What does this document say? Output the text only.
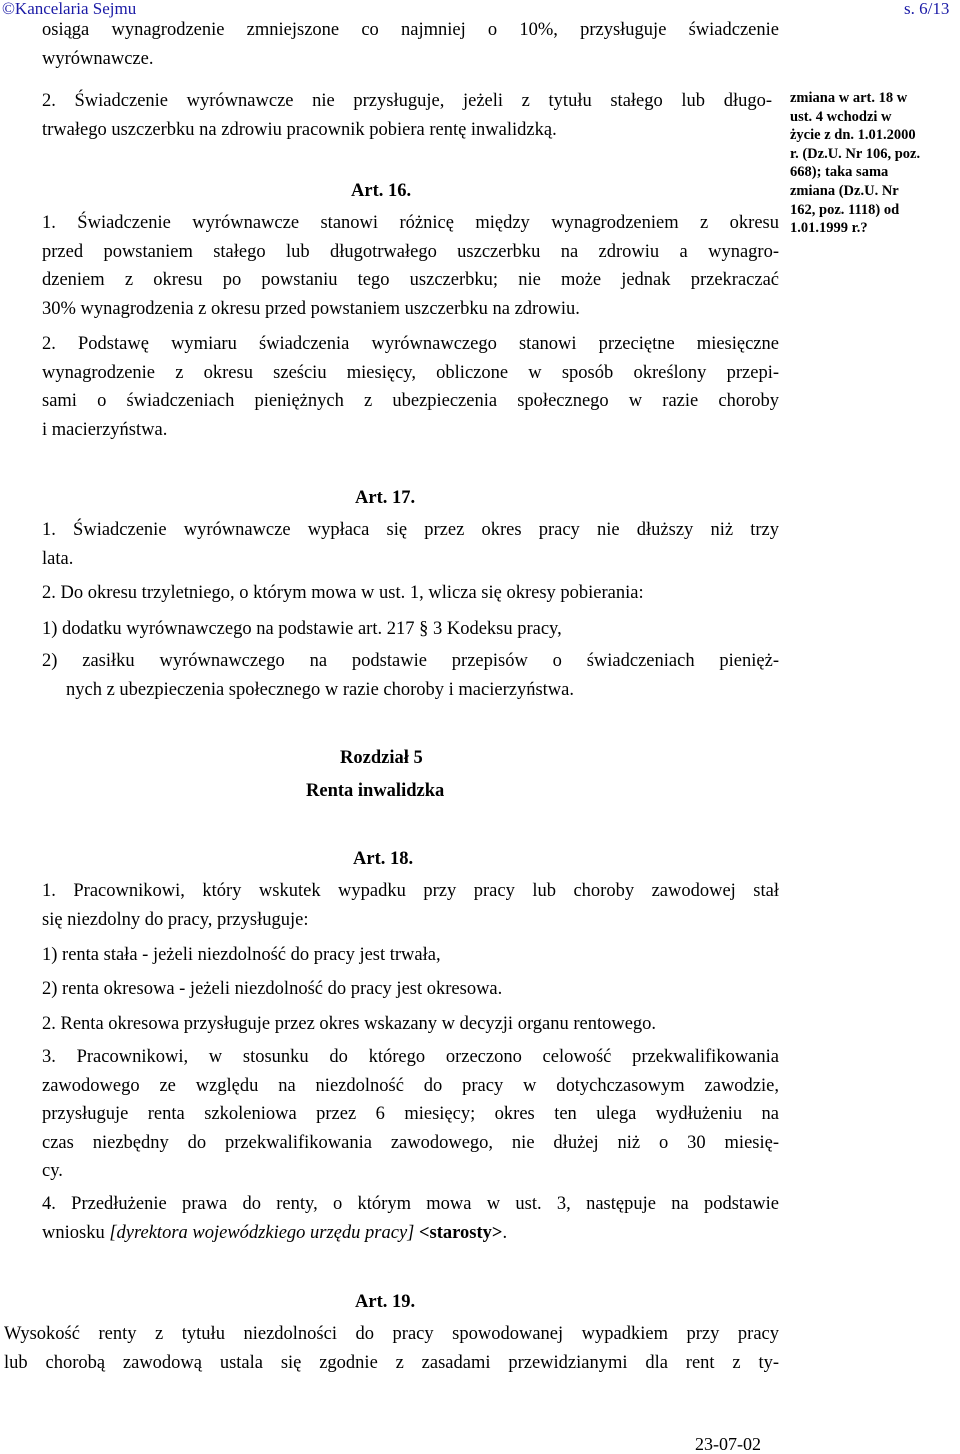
©Kancelaria Sejmu	s. 6/13
osiąga wynagrodzenie zmniejszone co najmniej o 10%, przysługuje świadczenie
wyrównawcze.
2. Świadczenie wyrównawcze nie przysługuje, jeżeli z tytułu stałego lub długo-
trwałego uszczerbku na zdrowiu pracownik pobiera rentę inwalidzką.
Art. 16.
1. Świadczenie wyrównawcze stanowi różnicę między wynagrodzeniem z okresu
przed powstaniem stałego lub długotrwałego uszczerbku na zdrowiu a wynagro-
dzeniem z okresu po powstaniu tego uszczerbku; nie może jednak przekraczać
30% wynagrodzenia z okresu przed powstaniem uszczerbku na zdrowiu.
2. Podstawę wymiaru świadczenia wyrównawczego stanowi przeciętne miesięczne
wynagrodzenie z okresu sześciu miesięcy, obliczone w sposób określony przepi-
sami o świadczeniach pieniężnych z ubezpieczenia społecznego w razie choroby
i macierzyństwa.
zmiana w art. 18 w
ust. 4 wchodzi w
życie z dn. 1.01.2000
r. (Dz.U. Nr 106, poz.
668); taka sama
zmiana (Dz.U. Nr
162, poz. 1118) od
1.01.1999 r.?
Art. 17.
1. Świadczenie wyrównawcze wypłaca się przez okres pracy nie dłuższy niż trzy
lata.
2. Do okresu trzyletniego, o którym mowa w ust. 1, wlicza się okresy pobierania:
1) dodatku wyrównawczego na podstawie art. 217 § 3 Kodeksu pracy,
2) zasiłku wyrównawczego na podstawie przepisów o świadczeniach pienięż-
nych z ubezpieczenia społecznego w razie choroby i macierzyństwa.
Rozdział 5
Renta inwalidzka
Art. 18.
1. Pracownikowi, który wskutek wypadku przy pracy lub choroby zawodowej stał
się niezdolny do pracy, przysługuje:
1) renta stała - jeżeli niezdolność do pracy jest trwała,
2) renta okresowa - jeżeli niezdolność do pracy jest okresowa.
2. Renta okresowa przysługuje przez okres wskazany w decyzji organu rentowego.
3. Pracownikowi, w stosunku do którego orzeczono celowość przekwalifikowania
zawodowego ze względu na niezdolność do pracy w dotychczasowym zawodzie,
przysługuje renta szkoleniowa przez 6 miesięcy; okres ten ulega wydłużeniu na
czas niezbędny do przekwalifikowania zawodowego, nie dłużej niż o 30 miesię-
cy.
4. Przedłużenie prawa do renty, o którym mowa w ust. 3, następuje na podstawie
wniosku [dyrektora wojewódzkiego urzędu pracy] <starosty>.
Art. 19.
Wysokość renty z tytułu niezdolności do pracy spowodowanej wypadkiem przy pracy
lub chorobą zawodową ustala się zgodnie z zasadami przewidzianymi dla rent z ty-
23-07-02
